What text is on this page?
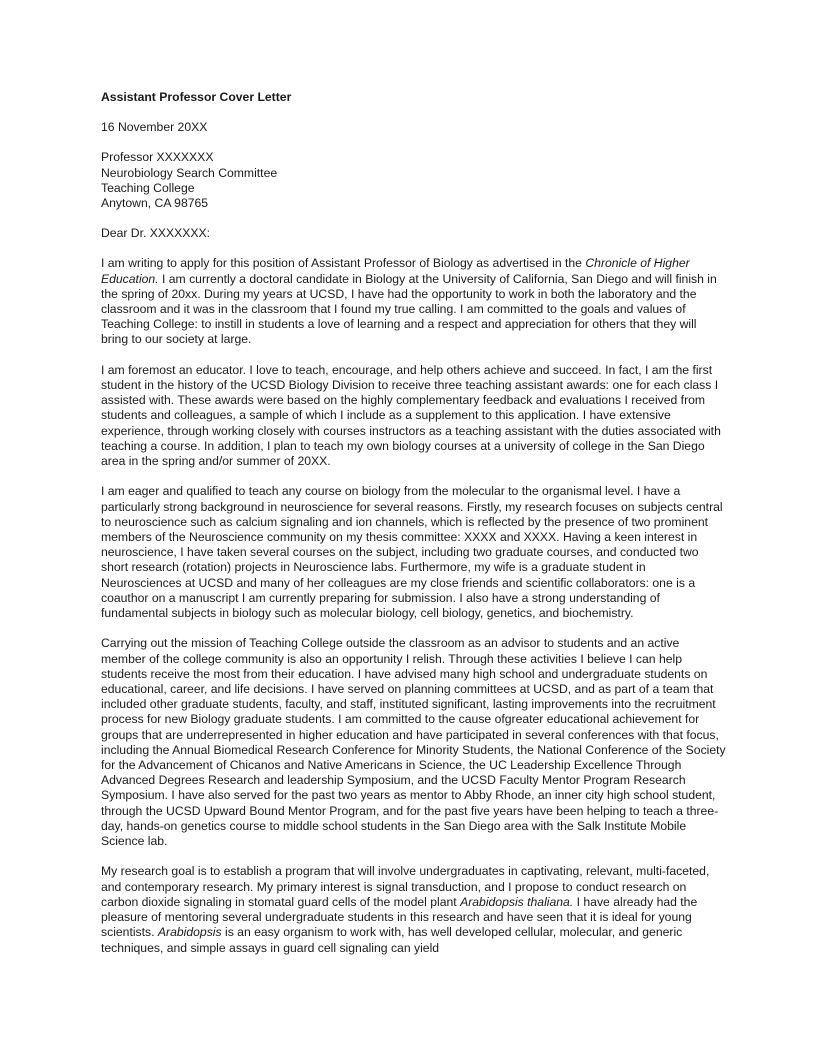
Assistant Professor Cover Letter
16 November 20XX
Professor XXXXXXX
Neurobiology Search Committee
Teaching College
Anytown, CA 98765
Dear Dr. XXXXXXX:

I am writing to apply for this position of Assistant Professor of Biology as advertised in the Chronicle of Higher Education. I am currently a doctoral candidate in Biology at the University of California, San Diego and will finish in the spring of 20xx. During my years at UCSD, I have had the opportunity to work in both the laboratory and the classroom and it was in the classroom that I found my true calling. I am committed to the goals and values of Teaching College: to instill in students a love of learning and a respect and appreciation for others that they will bring to our society at large.

I am foremost an educator. I love to teach, encourage, and help others achieve and succeed. In fact, I am the first student in the history of the UCSD Biology Division to receive three teaching assistant awards: one for each class I assisted with. These awards were based on the highly complementary feedback and evaluations I received from students and colleagues, a sample of which I include as a supplement to this application. I have extensive experience, through working closely with courses instructors as a teaching assistant with the duties associated with teaching a course. In addition, I plan to teach my own biology courses at a university of college in the San Diego area in the spring and/or summer of 20XX.

I am eager and qualified to teach any course on biology from the molecular to the organismal level. I have a particularly strong background in neuroscience for several reasons. Firstly, my research focuses on subjects central to neuroscience such as calcium signaling and ion channels, which is reflected by the presence of two prominent members of the Neuroscience community on my thesis committee: XXXX and XXXX. Having a keen interest in neuroscience, I have taken several courses on the subject, including two graduate courses, and conducted two short research (rotation) projects in Neuroscience labs. Furthermore, my wife is a graduate student in Neurosciences at UCSD and many of her colleagues are my close friends and scientific collaborators: one is a coauthor on a manuscript I am currently preparing for submission. I also have a strong understanding of fundamental subjects in biology such as molecular biology, cell biology, genetics, and biochemistry.

Carrying out the mission of Teaching College outside the classroom as an advisor to students and an active member of the college community is also an opportunity I relish. Through these activities I believe I can help students receive the most from their education. I have advised many high school and undergraduate students on educational, career, and life decisions. I have served on planning committees at UCSD, and as part of a team that included other graduate students, faculty, and staff, instituted significant, lasting improvements into the recruitment process for new Biology graduate students. I am committed to the cause ofgreater educational achievement for groups that are underrepresented in higher education and have participated in several conferences with that focus, including the Annual Biomedical Research Conference for Minority Students, the National Conference of the Society for the Advancement of Chicanos and Native Americans in Science, the UC Leadership Excellence Through Advanced Degrees Research and leadership Symposium, and the UCSD Faculty Mentor Program Research Symposium. I have also served for the past two years as mentor to Abby Rhode, an inner city high school student, through the UCSD Upward Bound Mentor Program, and for the past five years have been helping to teach a three-day, hands-on genetics course to middle school students in the San Diego area with the Salk Institute Mobile Science lab.

My research goal is to establish a program that will involve undergraduates in captivating, relevant, multi-faceted, and contemporary research. My primary interest is signal transduction, and I propose to conduct research on carbon dioxide signaling in stomatal guard cells of the model plant Arabidopsis thaliana. I have already had the pleasure of mentoring several undergraduate students in this research and have seen that it is ideal for young scientists. Arabidopsis is an easy organism to work with, has well developed cellular, molecular, and generic techniques, and simple assays in guard cell signaling can yield
